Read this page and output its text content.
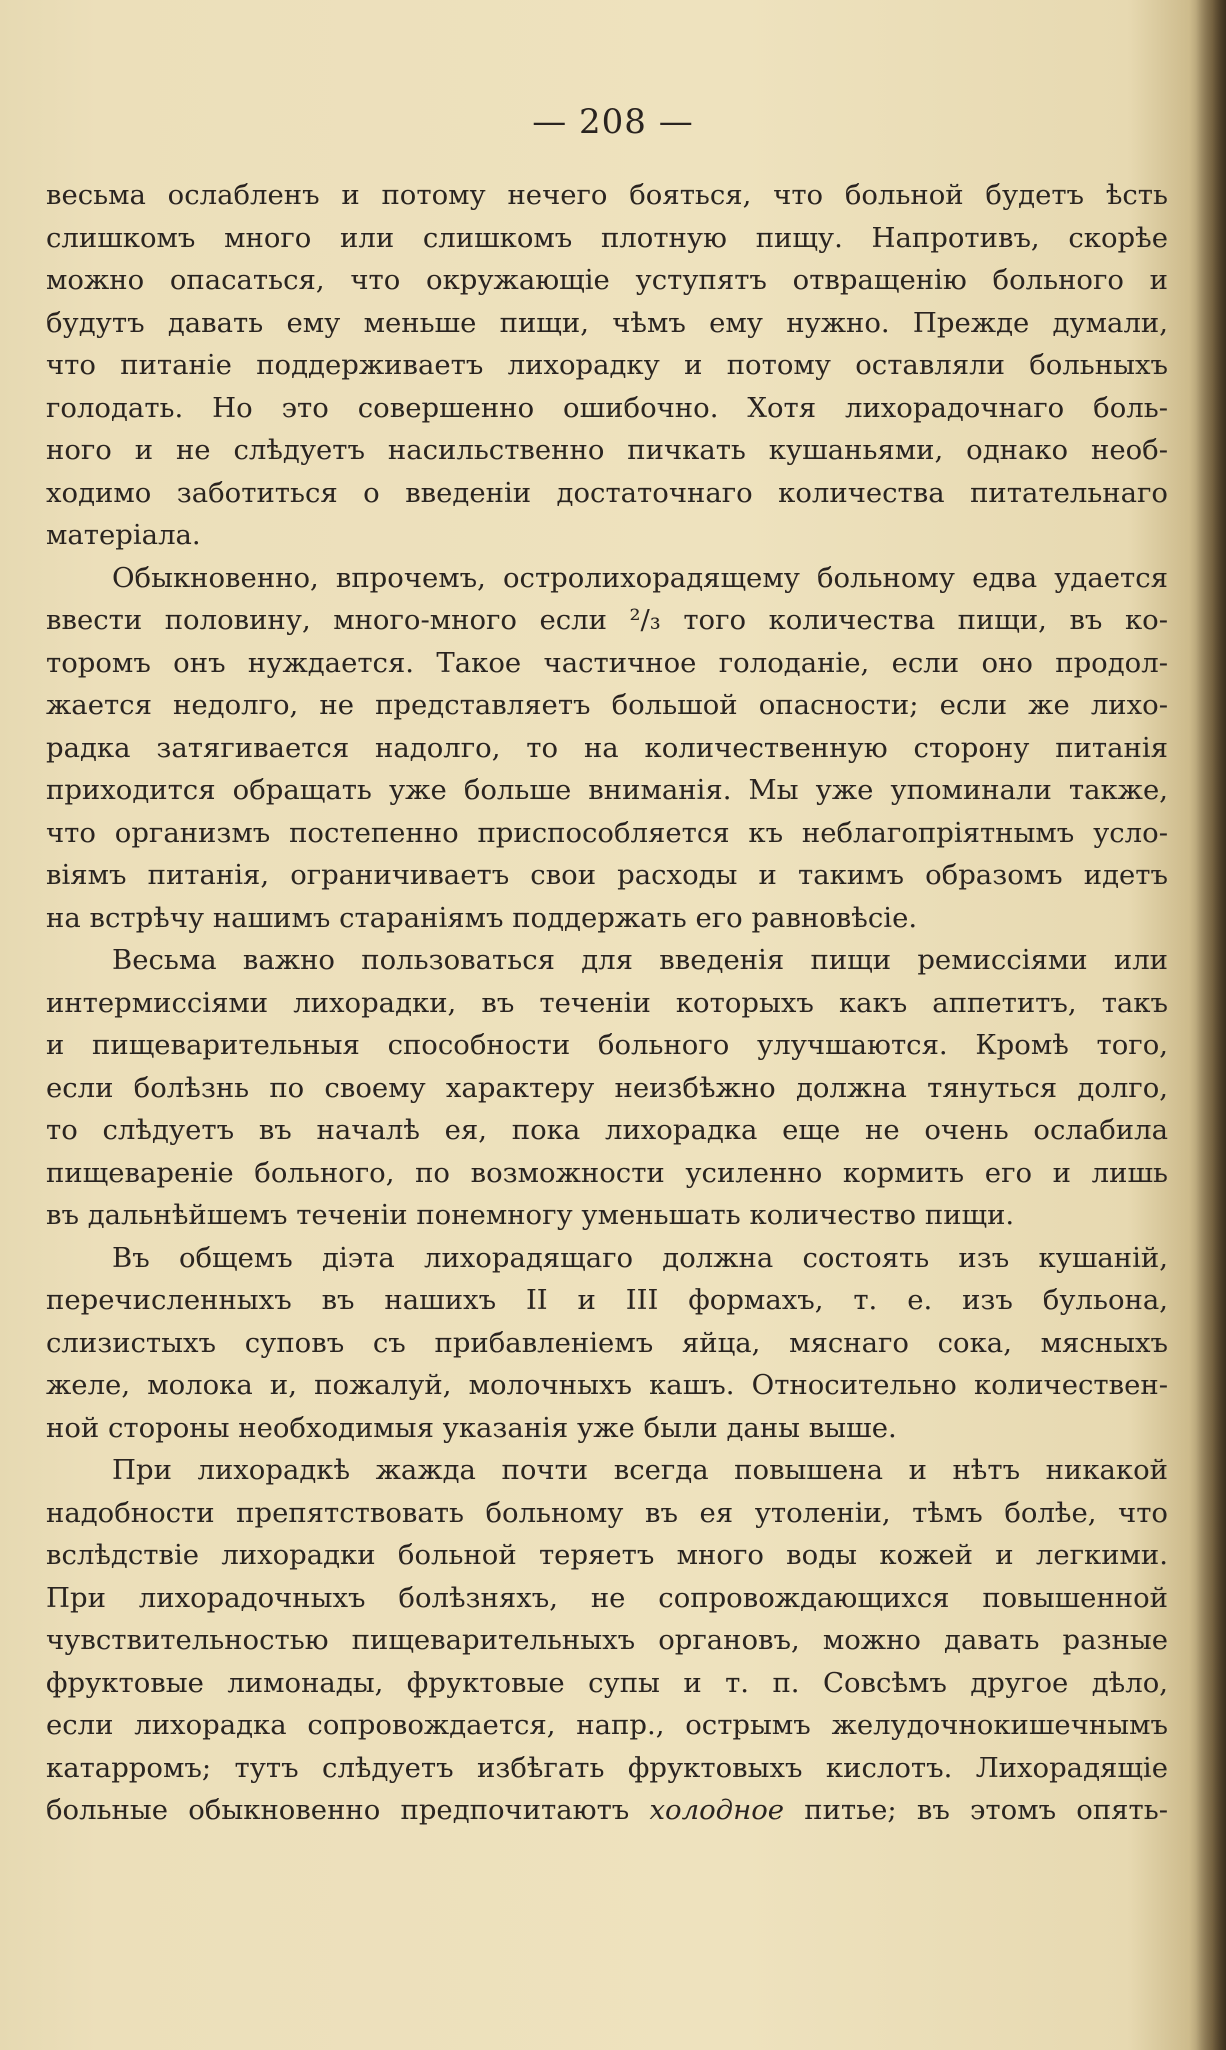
— 208 —
весьма ослабленъ и потому нечего бояться, что больной будетъ ѣсть
слишкомъ много или слишкомъ плотную пищу. Напротивъ, скорѣе
можно опасаться, что окружающіе уступятъ отвращенію больного и
будутъ давать ему меньше пищи, чѣмъ ему нужно. Прежде думали,
что питаніе поддерживаетъ лихорадку и потому оставляли больныхъ
голодать. Но это совершенно ошибочно. Хотя лихорадочнаго боль-
ного и не слѣдуетъ насильственно пичкать кушаньями, однако необ-
ходимо заботиться о введеніи достаточнаго количества питательнаго
матеріала.
Обыкновенно, впрочемъ, остролихорадящему больному едва удается
ввести половину, много-много если ²/₃ того количества пищи, въ ко-
торомъ онъ нуждается. Такое частичное голоданіе, если оно продол-
жается недолго, не представляетъ большой опасности; если же лихо-
радка затягивается надолго, то на количественную сторону питанія
приходится обращать уже больше вниманія. Мы уже упоминали также,
что организмъ постепенно приспособляется къ неблагопріятнымъ усло-
віямъ питанія, ограничиваетъ свои расходы и такимъ образомъ идетъ
на встрѣчу нашимъ стараніямъ поддержать его равновѣсіе.
Весьма важно пользоваться для введенія пищи ремиссіями или
интермиссіями лихорадки, въ теченіи которыхъ какъ аппетитъ, такъ
и пищеварительныя способности больного улучшаются. Кромѣ того,
если болѣзнь по своему характеру неизбѣжно должна тянуться долго,
то слѣдуетъ въ началѣ ея, пока лихорадка еще не очень ослабила
пищевареніе больного, по возможности усиленно кормить его и лишь
въ дальнѣйшемъ теченіи понемногу уменьшать количество пищи.
Въ общемъ діэта лихорадящаго должна состоять изъ кушаній,
перечисленныхъ въ нашихъ II и III формахъ, т. е. изъ бульона,
слизистыхъ суповъ съ прибавленіемъ яйца, мяснаго сока, мясныхъ
желе, молока и, пожалуй, молочныхъ кашъ. Относительно количествен-
ной стороны необходимыя указанія уже были даны выше.
При лихорадкѣ жажда почти всегда повышена и нѣтъ никакой
надобности препятствовать больному въ ея утоленіи, тѣмъ болѣе, что
вслѣдствіе лихорадки больной теряетъ много воды кожей и легкими.
При лихорадочныхъ болѣзняхъ, не сопровождающихся повышенной
чувствительностью пищеварительныхъ органовъ, можно давать разные
фруктовые лимонады, фруктовые супы и т. п. Совсѣмъ другое дѣло,
если лихорадка сопровождается, напр., острымъ желудочнокишечнымъ
катарромъ; тутъ слѣдуетъ избѣгать фруктовыхъ кислотъ. Лихорадящіе
больные обыкновенно предпочитаютъ холодное питье; въ этомъ опять-
